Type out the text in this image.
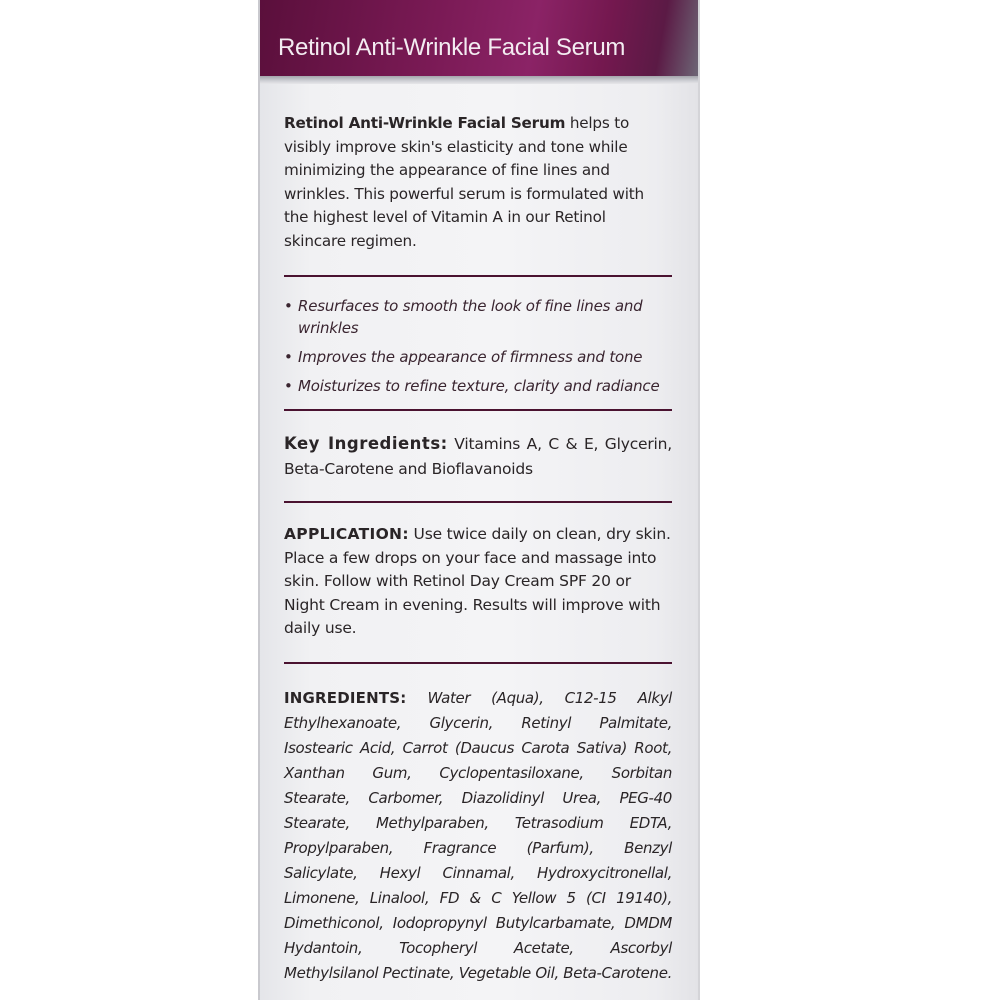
Retinol Anti-Wrinkle Facial Serum

Retinol Anti-Wrinkle Facial Serum helps to visibly improve skin's elasticity and tone while minimizing the appearance of fine lines and wrinkles. This powerful serum is formulated with the highest level of Vitamin A in our Retinol skincare regimen.

• Resurfaces to smooth the look of fine lines and wrinkles
• Improves the appearance of firmness and tone
• Moisturizes to refine texture, clarity and radiance

Key Ingredients: Vitamins A, C & E, Glycerin, Beta-Carotene and Bioflavanoids

APPLICATION: Use twice daily on clean, dry skin. Place a few drops on your face and massage into skin. Follow with Retinol Day Cream SPF 20 or Night Cream in evening. Results will improve with daily use.

INGREDIENTS: Water (Aqua), C12-15 Alkyl Ethylhexanoate, Glycerin, Retinyl Palmitate, Isostearic Acid, Carrot (Daucus Carota Sativa) Root, Xanthan Gum, Cyclopentasiloxane, Sorbitan Stearate, Carbomer, Diazolidinyl Urea, PEG-40 Stearate, Methylparaben, Tetrasodium EDTA, Propylparaben, Fragrance (Parfum), Benzyl Salicylate, Hexyl Cinnamal, Hydroxycitronellal, Limonene, Linalool, FD & C Yellow 5 (CI 19140), Dimethiconol, Iodopropynyl Butylcarbamate, DMDM Hydantoin, Tocopheryl Acetate, Ascorbyl Methylsilanol Pectinate, Vegetable Oil, Beta-Carotene.
